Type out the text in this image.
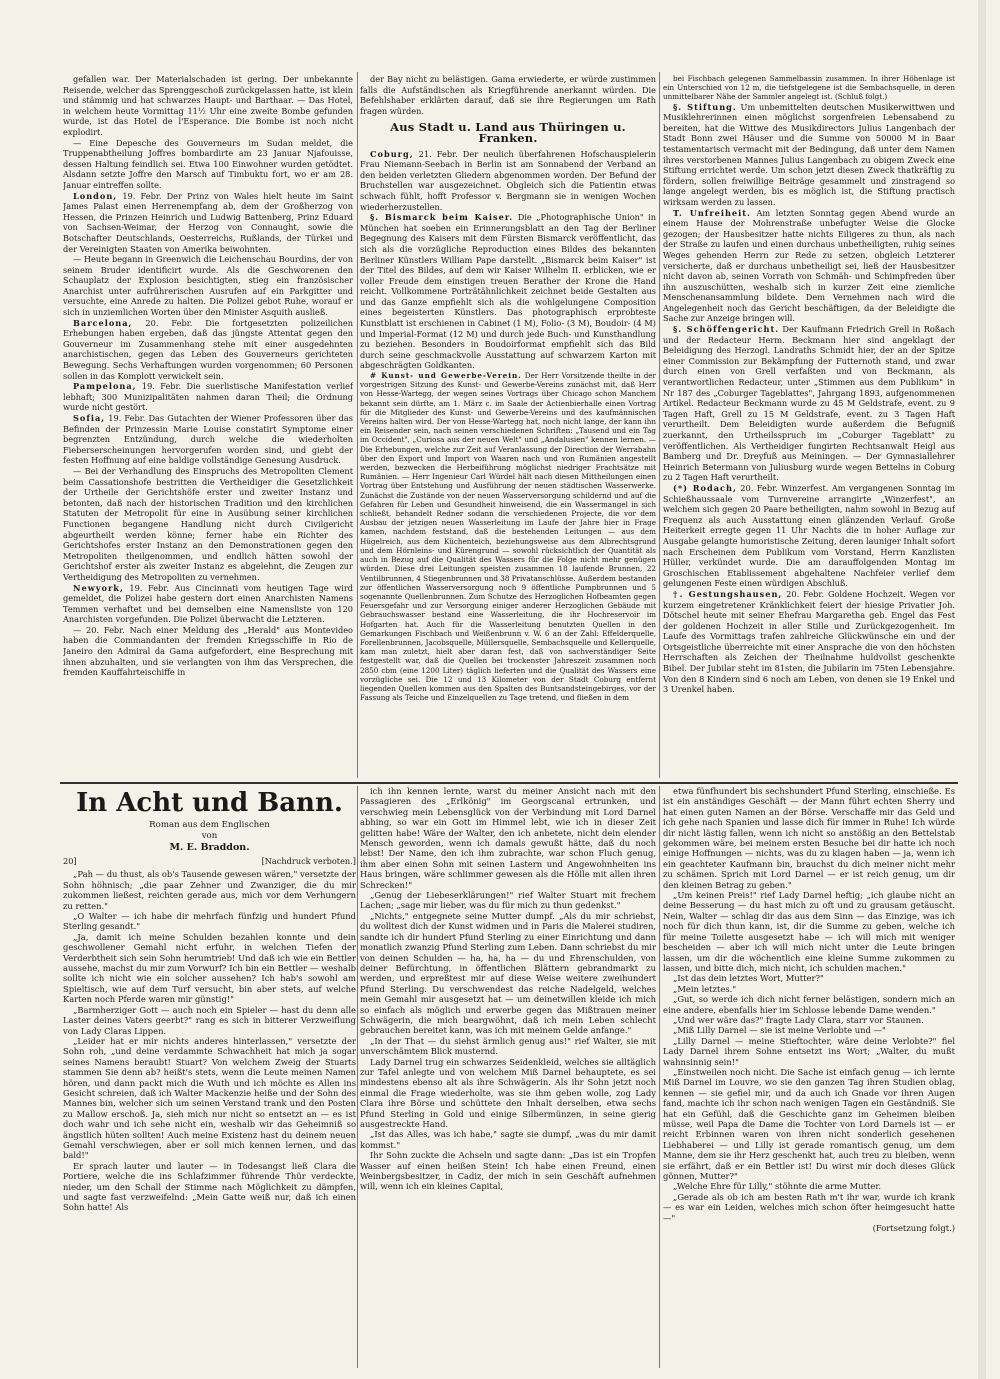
gefallen war. Der Materialschaden ist gering. Der unbekannte Reisende, welcher das Sprenggeschoß zurückgelassen hatte, ist klein und stämmig und hat schwarzes Haupt- und Barthaar. — Das Hotel, in welchem heute Vormittag 11½ Uhr eine zweite Bombe gefunden wurde, ist das Hotel de l'Esperance. Die Bombe ist noch nicht explodirt.

— Eine Depesche des Gouverneurs im Sudan meldet, die Truppenabtheilung Joffres bombardirte am 23 Januar Njafouisse, dessen Haltung feindlich sei. Etwa 100 Einwohner wurden getödtet. Alsdann setzte Joffre den Marsch auf Timbuktu fort, wo er am 28. Januar eintreffen sollte.

London, 19. Febr. Der Prinz von Wales hielt heute im Saint James Palast einen Herrenempfang ab, dem der Großherzog von Hessen, die Prinzen Heinrich und Ludwig Battenberg, Prinz Eduard von Sachsen-Weimar, der Herzog von Connaught, sowie die Botschafter Deutschlands, Oesterreichs, Rußlands, der Türkei und der Vereinigten Staaten von Amerika beiwohnten.

— Heute begann in Greenwich die Leichenschau Bourdins, der von seinem Bruder identificirt wurde. Als die Geschworenen den Schauplatz der Explosion besichtigten, stieg ein französischer Anarchist unter aufrührerischen Ausrufen auf ein Parkgitter und versuchte, eine Anrede zu halten. Die Polizei gebot Ruhe, worauf er sich in unziemlichen Worten über den Minister Asquith ausließ.

Barcelona, 20. Febr. Die fortgesetzten polizeilichen Erhebungen haben ergeben, daß das jüngste Attentat gegen den Gouverneur im Zusammenhang stehe mit einer ausgedehnten anarchistischen, gegen das Leben des Gouverneurs gerichteten Bewegung. Sechs Verhaftungen wurden vorgenommen; 60 Personen sollen in das Komplott verwickelt sein.

Pampelona, 19. Febr. Die suerlistische Manifestation verlief lebhaft; 300 Munizipalitäten nahmen daran Theil; die Ordnung wurde nicht gestört.

Sofia, 19. Febr. Das Gutachten der Wiener Professoren über das Befinden der Prinzessin Marie Louise constatirt Symptome einer begrenzten Entzündung, durch welche die wiederholten Fieberserscheinungen hervorgerufen worden sind, und giebt der festen Hoffnung auf eine baldige vollständige Genesung Ausdruck.

— Bei der Verhandlung des Einspruchs des Metropoliten Clement beim Cassationshofe bestritten die Vertheidiger die Gesetzlichkeit der Urtheile der Gerichtshöfe erster und zweiter Instanz und betonten, daß nach der historischen Tradition und den kirchlichen Statuten der Metropolit für eine in Ausübung seiner kirchlichen Functionen begangene Handlung nicht durch Civilgericht abgeurtheilt werden könne; ferner habe ein Richter des Gerichtshofes erster Instanz an den Demonstrationen gegen den Metropoliten theilgenommen, und endlich hätten sowohl der Gerichtshof erster als zweiter Instanz es abgelehnt, die Zeugen zur Vertheidigung des Metropoliten zu vernehmen.

Newyork, 19. Febr. Aus Cincinnati vom heutigen Tage wird gemeldet, die Polizei habe gestern dort einen Anarchisten Namens Temmen verhaftet und bei demselben eine Namensliste von 120 Anarchisten vorgefunden. Die Polizei überwacht die Letzteren.

— 20. Febr. Nach einer Meldung des „Herald" aus Montevideo haben die Commandanten der fremden Kriegsschiffe in Rio de Janeiro den Admiral da Gama aufgefordert, eine Besprechung mit ihnen abzuhalten, und sie verlangten von ihm das Versprechen, die fremden Kauffahrteischiffe in

der Bay nicht zu belästigen. Gama erwiederte, er würde zustimmen falls die Aufständischen als Kriegführende anerkannt würden. Die Befehlshaber erklärten darauf, daß sie ihre Regierungen um Rath fragen würden.

Aus Stadt u. Land aus Thüringen u. Franken.

Coburg, 21. Febr. Der neulich überfahrenen Hofschauspielerin Frau Niemann-Seebach in Berlin ist am Sonnabend der Verband an den beiden verletzten Gliedern abgenommen worden. Der Befund der Bruchstellen war ausgezeichnet. Obgleich sich die Patientin etwas schwach fühlt, hofft Professor v. Bergmann sie in wenigen Wochen wiederherzustellen.

§. Bismarck beim Kaiser. Die „Photographische Union" in München hat soeben ein Erinnerungsblatt an den Tag der Berliner Begegnung des Kaisers mit dem Fürsten Bismarck veröffentlicht, das sich als die vorzügliche Reproduction eines Bildes des bekannten Berliner Künstlers William Pape darstellt. „Bismarck beim Kaiser" ist der Titel des Bildes, auf dem wir Kaiser Wilhelm II. erblicken, wie er voller Freude dem einstigen treuen Berather der Krone die Hand reicht. Vollkommene Porträtähnlichkeit zeichnet beide Gestalten aus und das Ganze empfiehlt sich als die wohlgelungene Composition eines begeisterten Künstlers. Das photographisch erprobteste Kunstblatt ist erschienen in Cabinet (1 M), Folio- (3 M), Boudoir- (4 M) und Imperial-Format (12 M) und durch jede Buch- und Kunsthandlung zu beziehen. Besonders in Boudoirformat empfiehlt sich das Bild durch seine geschmackvolle Ausstattung auf schwarzem Karton mit abgeschrägten Goldkanten.

# Kunst- und Gewerbe-Verein. Der Herr Vorsitzende theilte in der vorgestrigen Sitzung des Kunst- und Gewerbe-Vereins zunächst mit, daß Herr von Hesse-Wartegg, der wegen seines Vortrags über Chicago schon Manchem bekannt sein dürfte, am 1. März c. im Saale der Actienbierhalle einen Vortrag für die Mitglieder des Kunst- und Gewerbe-Vereins und des kaufmännischen Vereins halten wird. Der von Hesse-Wartegg hat, noch nicht lange, der kann ihn ein Reisender sein, nach seinen verschiedenen Schriften: „Tausend und ein Tag im Occident", „Curiosa aus der neuen Welt" und „Andalusien" kennen lernen. — Die Erhebungen, welche zur Zeit auf Veranlassung der Direction der Werrabahn über den Export und Import von Waaren nach und von Rumänien angestellt werden, bezwecken die Herbeiführung möglichst niedriger Frachtsätze mit Rumänien. — Herr Ingenieur Carl Würdel hält nach diesen Mittheilungen einen Vortrag über Entstehung und Ausführung der neuen städtischen Wasserwerke. Zunächst die Zustände von der neuen Wasserversorgung schildernd und auf die Gefahren für Leben und Gesundheit hinweisend, die ein Wassermangel in sich schließt, behandelt Redner sodann die verschiedenen Projecte, die vor dem Ausbau der jetzigen neuen Wasserleitung im Laufe der Jahre hier in Frage kamen, nachdem feststand, daß die bestehenden Leitungen — aus dem Hügelreich, aus dem Küchenteich, beziehungsweise aus dem Albrechtsgrund und dem Hörnleins- und Kürengrund — sowohl rücksichtlich der Quantität als auch in Bezug auf die Qualität des Wassers für die Folge nicht mehr genügen würden. Diese drei Leitungen speisten zusammen 18 laufende Brunnen, 22 Ventilbrunnen, 4 Stiegenbrunnen und 38 Privatanschlüsse. Außerdem bestanden zur öffentlichen Wasserversorgung noch 9 öffentliche Pumpbrunnen und 5 sogenannte Quellenbrunnen. Zum Schutze des Herzoglichen Hofbeamten gegen Feuersgefahr und zur Versorgung einiger anderer Herzoglichen Gebäude mit Gebrauchswasser bestand eine Wasserleitung, die ihr Hochreservoir im Hofgarten hat. Auch für die Wasserleitung benutzten Quellen in den Gemarkungen Fischbach und Weißenbrunn v. W. 6 an der Zahl: Effelderquelle, Forellenbrunnen, Jacobsquelle, Müllersquelle, Sembachsquelle und Kellerquelle, kam man zuletzt, hielt aber daran fest, daß von sachverständiger Seite festgestellt war, daß die Quellen bei trockenster Jahreszeit zusammen noch 2850 cbm (eine 1200 Liter) täglich lieferten und die Qualität des Wassers eine vorzügliche sei. Die 12 und 13 Kilometer von der Stadt Coburg entfernt liegenden Quellen kommen aus den Spalten des Buntsandsteingebirges, vor der Fassung als Teiche und Einzelquellen zu Tage tretend, und fließen in dem

bei Fischbach gelegenen Sammelbassin zusammen. In ihrer Höhenlage ist ein Unterschied von 12 m, die tiefstgelegene ist die Sembachsquelle, in deren unmittelbarer Nähe der Sammler angelegt ist. (Schluß folgt.)

§. Stiftung. Um unbemittelten deutschen Musikerwittwen und Musiklehrerinnen einen möglichst sorgenfreien Lebensabend zu bereiten, hat die Wittwe des Musikdirectors Julius Langenbach der Stadt Bonn zwei Häuser und die Summe von 50000 M in Baar testamentarisch vermacht mit der Bedingung, daß unter dem Namen ihres verstorbenen Mannes Julius Langenbach zu obigem Zweck eine Stiftung errichtet werde. Um schon jetzt diesen Zweck thatkräftig zu fördern, sollen freiwillige Beiträge gesammelt und zinstragend so lange angelegt werden, bis es möglich ist, die Stiftung practisch wirksam werden zu lassen.

T. Unfreiheit. Am letzten Sonntag gegen Abend wurde an einem Hause der Mohrenstraße unbefugter Weise die Glocke gezogen; der Hausbesitzer hatte nichts Eiligeres zu thun, als nach der Straße zu laufen und einen durchaus unbetheiligten, ruhig seines Weges gehenden Herrn zur Rede zu setzen, obgleich Letzterer versicherte, daß er durchaus unbetheiligt sei, ließ der Hausbesitzer nicht davon ab, seinen Vorrath von Schmäh- und Schimpfreden über ihn auszuschütten, weshalb sich in kurzer Zeit eine ziemliche Menschenansammlung bildete. Dem Vernehmen nach wird die Angelegenheit noch das Gericht beschäftigen, da der Beleidigte die Sache zur Anzeige bringen will.

§. Schöffengericht. Der Kaufmann Friedrich Grell in Roßach und der Redacteur Herm. Beckmann hier sind angeklagt der Beleidigung des Herzogl. Landraths Schmidt hier, der an der Spitze einer Commission zur Bekämpfung der Futternoth stand, und zwar durch einen von Grell verfaßten und von Beckmann, als verantwortlichen Redacteur, unter „Stimmen aus dem Publikum" in Nr 187 des „Coburger Tageblattes", Jahrgang 1893, aufgenommenen Artikel. Redacteur Beckmann wurde zu 45 M Geldstrafe, event. zu 9 Tagen Haft, Grell zu 15 M Geldstrafe, event. zu 3 Tagen Haft verurtheilt. Dem Beleidigten wurde außerdem die Befugniß zuerkannt, den Urtheilsspruch im „Coburger Tageblatt" zu veröffentlichen. Als Vertheidiger fungirten Rechtsanwalt Heigl aus Bamberg und Dr. Dreyfuß aus Meiningen. — Der Gymnasiallehrer Heinrich Betermann von Juliusburg wurde wegen Bettelns in Coburg zu 2 Tagen Haft verurtheilt.

(*) Rodach, 20. Febr. Winzerfest. Am vergangenen Sonntag im Schießhaussaale vom Turnvereine arrangirte „Winzerfest", an welchem sich gegen 20 Paare betheiligten, nahm sowohl in Bezug auf Frequenz als auch Ausstattung einen glänzenden Verlauf. Große Heiterkeit erregte gegen 11 Uhr Nachts die in hoher Auflage zur Ausgabe gelangte humoristische Zeitung, deren launiger Inhalt sofort nach Erscheinen dem Publikum vom Vorstand, Herrn Kanzlisten Hüller, verkündet wurde. Die am darauffolgenden Montag im Groschischen Etablissement abgehaltene Nachfeier verlief dem gelungenen Feste einen würdigen Abschluß.

†. Gestungshausen, 20. Febr. Goldene Hochzeit. Wegen vor kurzem eingetretener Kränklichkeit feiert der hiesige Privatier Joh. Dötschel heute mit seiner Ehefrau Margaretha geb. Engel das Fest der goldenen Hochzeit in aller Stille und Zurückgezogenheit. Im Laufe des Vormittags trafen zahlreiche Glückwünsche ein und der Ortsgeistliche überreichte mit einer Ansprache die von den höchsten Herrschaften als Zeichen der Theilnahme huldvollst geschenkte Bibel. Der Jubilar steht im 81sten, die Jubilarin im 75ten Lebensjahre. Von den 8 Kindern sind 6 noch am Leben, von denen sie 19 Enkel und 3 Urenkel haben.

In Acht und Bann.
Roman aus dem Englischen
von
M. E. Braddon.
20]	[Nachdruck verboten.]

„Pah — du thust, als ob's Tausende gewesen wären," versetzte der Sohn höhnisch; „die paar Zehner und Zwanziger, die du mir zukommen ließest, reichten gerade aus, mich vor dem Verhungern zu retten."

„O Walter — ich habe dir mehrfach fünfzig und hundert Pfund Sterling gesandt."

„Ja, damit ich meine Schulden bezahlen konnte und dein geschwollener Gemahl nicht erfuhr, in welchen Tiefen der Verderbtheit sich sein Sohn herumtrieb! Und daß ich wie ein Bettler aussehe, machst du mir zum Vorwurf? Ich bin ein Bettler — weshalb sollte ich nicht wie ein solcher aussehen? Ich hab's sowohl am Spieltisch, wie auf dem Turf versucht, bin aber stets, auf welche Karten noch Pferde waren mir günstig!"

„Barmherziger Gott — auch noch ein Spieler — hast du denn alle Laster deines Vaters geerbt?" rang es sich in bitterer Verzweiflung von Lady Claras Lippen.

„Leider hat er mir nichts anderes hinterlassen," versetzte der Sohn roh, „und deine verdammte Schwachheit hat mich ja sogar seines Namens beraubt! Stuart? Von welchem Zweig der Stuarts stammen Sie denn ab? heißt's stets, wenn die Leute meinen Namen hören, und dann packt mich die Wuth und ich möchte es Allen ins Gesicht schreien, daß ich Walter Mackenzie heiße und der Sohn des Mannes bin, welcher sich um seinen Verstand trank und den Posten zu Mallow erschoß. Ja, sieh mich nur nicht so entsetzt an — es ist doch wahr und ich sehe nicht ein, weshalb wir das Geheimniß so ängstlich hüten sollten! Auch meine Existenz hast du deinem neuen Gemahl verschwiegen, aber er soll mich kennen lernen, und das bald!"

Er sprach lauter und lauter — in Todesangst ließ Clara die Portiere, welche die ins Schlafzimmer führende Thür verdeckte, nieder, um den Schall der Stimme nach Möglichkeit zu dämpfen, und sagte fast verzweifelnd: „Mein Gatte weiß nur, daß ich einen Sohn hatte! Als

ich ihn kennen lernte, warst du meiner Ansicht nach mit den Passagieren des „Erlkönig" im Georgscanal ertrunken, und verschwieg mein Lebensglück von der Verbindung mit Lord Darnel abhing, so war ein Gott im Himmel lebt, wie ich in dieser Zeit gelitten habe! Wäre der Walter, den ich anbetete, nicht dein elender Mensch geworden, wenn ich damals gewußt hätte, daß du noch lebst! Der Name, den ich ihm zubrachte, war schon Fluch genug, ihm aber einen Sohn mit seinen Lastern und Angewohnheiten ins Haus bringen, wäre schlimmer gewesen als die Hölle mit allen ihren Schrecken!"

„Genug der Liebeserklärungen!" rief Walter Stuart mit frechem Lachen; „sage mir lieber, was du für mich zu thun gedenkst."

„Nichts," entgegnete seine Mutter dumpf. „Als du mir schriebst, du wolltest dich der Kunst widmen und in Paris die Malerei studiren, sandte ich dir hundert Pfund Sterling zu einer Einrichtung und dann monatlich zwanzig Pfund Sterling zum Leben. Dann schriebst du mir von deinen Schulden — ha, ha, ha — du und Ehrenschulden, von deiner Befürchtung, in öffentlichen Blättern gebrandmarkt zu werden, und erpreßtest mir auf diese Weise weitere zweihundert Pfund Sterling. Du verschwendest das reiche Nadelgeld, welches mein Gemahl mir ausgesetzt hat — um deinetwillen kleide ich mich so einfach als möglich und erwerbe gegen das Mißtrauen meiner Schwägerin, die mich beargwöhnt, daß ich mein Leben schlecht gebrauchen bereitet kann, was ich mit meinem Gelde anfange."

„In der That — du siehst ärmlich genug aus!" rief Walter, sie mit unverschämtem Blick musternd.

Lady Darnel trug ein schwarzes Seidenkleid, welches sie alltäglich zur Tafel anlegte und von welchem Miß Darnel behauptete, es sei mindestens ebenso alt als ihre Schwägerin. Als ihr Sohn jetzt noch einmal die Frage wiederholte, was sie ihm geben wolle, zog Lady Clara ihre Börse und schüttete den Inhalt derselben, etwa sechs Pfund Sterling in Gold und einige Silbermünzen, in seine gierig ausgestreckte Hand.

„Ist das Alles, was ich habe," sagte sie dumpf, „was du mir damit kommst."

Ihr Sohn zuckte die Achseln und sagte dann: „Das ist ein Tropfen Wasser auf einen heißen Stein! Ich habe einen Freund, einen Weinbergsbesitzer, in Cadiz, der mich in sein Geschäft aufnehmen will, wenn ich ein kleines Capital,

etwa fünfhundert bis sechshundert Pfund Sterling, einschieße. Es ist ein anständiges Geschäft — der Mann führt echten Sherry und hat einen guten Namen an der Börse. Verschaffe mir das Geld und ich gehe nach Spanien und lasse dich für immer in Ruhe! Ich würde dir nicht lästig fallen, wenn ich nicht so anstößig an den Bettelstab gekommen wäre, bei meinem ersten Besuche bei dir hatte ich noch einige Hoffnungen — nichts, was du zu klagen haben — ja, wenn ich ein geachteter Kaufmann bin, brauchst du dich meiner nicht mehr zu schämen. Sprich mit Lord Darnel — er ist reich genug, um dir den kleinen Betrag zu geben."

„Um keinen Preis!" rief Lady Darnel heftig; „ich glaube nicht an deine Besserung — du hast mich zu oft und zu grausam getäuscht. Nein, Walter — schlag dir das aus dem Sinn — das Einzige, was ich noch für dich thun kann, ist, dir die Summe zu geben, welche ich für meine Toilette ausgesetzt habe — ich will mich mit weniger bescheiden — aber ich will mich nicht unter die Leute bringen lassen, um dir die wöchentlich eine kleine Summe zukommen zu lassen, und bitte dich, mich nicht, ich schulden machen."

„Ist das dein letztes Wort, Mutter?"

„Mein letztes."

„Gut, so werde ich dich nicht ferner belästigen, sondern mich an eine andere, ebenfalls hier im Schlosse lebende Dame wenden."

„Und wer wäre das?" fragte Lady Clara, starr vor Staunen.

„Miß Lilly Darnel — sie ist meine Verlobte und —"

„Lilly Darnel — meine Stieftochter, wäre deine Verlobte?" fiel Lady Darnel ihrem Sohne entsetzt ins Wort; „Walter, du mußt wahnsinnig sein!"

„Einstweilen noch nicht. Die Sache ist einfach genug — ich lernte Miß Darnel im Louvre, wo sie den ganzen Tag ihren Studien oblag, kennen — sie gefiel mir, und da auch ich Gnade vor ihren Augen fand, machte ich ihr schon nach wenigen Tagen ein Geständniß. Sie hat ein Gefühl, daß die Geschichte ganz im Geheimen bleiben müsse, weil Papa die Dame die Tochter von Lord Darnels ist — er reicht Erbinnen waren von ihren nicht sonderlich gesehenen Liebhaberei — und Lilly ist gerade romantisch genug, um dem Manne, dem sie ihr Herz geschenkt hat, auch treu zu bleiben, wenn sie erfährt, daß er ein Bettler ist! Du wirst mir doch dieses Glück gönnen, Mutter?"

„Welche Ehre für Lilly," stöhnte die arme Mutter.

„Gerade als ob ich am besten Rath m't ihr war, wurde ich krank — es war ein Leiden, welches mich schon öfter heimgesucht hatte —"

(Fortsetzung folgt.)
